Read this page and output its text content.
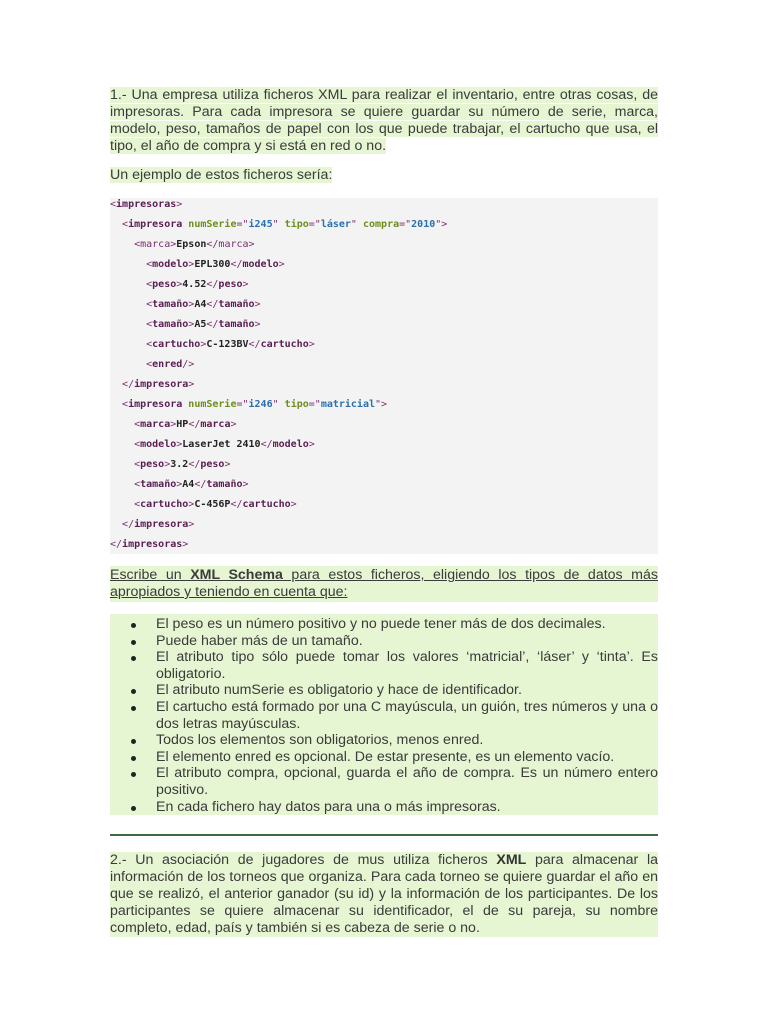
1.- Una empresa utiliza ficheros XML para realizar el inventario, entre otras cosas, de impresoras. Para cada impresora se quiere guardar su número de serie, marca, modelo, peso, tamaños de papel con los que puede trabajar, el cartucho que usa, el tipo, el año de compra y si está en red o no.
Un ejemplo de estos ficheros sería:
<impresoras>
<impresora numSerie="i245" tipo="láser" compra="2010">
<marca>Epson</marca>
<modelo>EPL300</modelo>
<peso>4.52</peso>
<tamaño>A4</tamaño>
<tamaño>A5</tamaño>
<cartucho>C-123BV</cartucho>
<enred/>
</impresora>
<impresora numSerie="i246" tipo="matricial">
<marca>HP</marca>
<modelo>LaserJet 2410</modelo>
<peso>3.2</peso>
<tamaño>A4</tamaño>
<cartucho>C-456P</cartucho>
</impresora>
</impresoras>
Escribe un XML Schema para estos ficheros, eligiendo los tipos de datos más apropiados y teniendo en cuenta que:
El peso es un número positivo y no puede tener más de dos decimales.
Puede haber más de un tamaño.
El atributo tipo sólo puede tomar los valores ‘matricial’, ‘láser’ y ‘tinta’. Es obligatorio.
El atributo numSerie es obligatorio y hace de identificador.
El cartucho está formado por una C mayúscula, un guión, tres números y una o dos letras mayúsculas.
Todos los elementos son obligatorios, menos enred.
El elemento enred es opcional. De estar presente, es un elemento vacío.
El atributo compra, opcional, guarda el año de compra. Es un número entero positivo.
En cada fichero hay datos para una o más impresoras.
2.- Un asociación de jugadores de mus utiliza ficheros XML para almacenar la información de los torneos que organiza. Para cada torneo se quiere guardar el año en que se realizó, el anterior ganador (su id) y la información de los participantes. De los participantes se quiere almacenar su identificador, el de su pareja, su nombre completo, edad, país y también si es cabeza de serie o no.
